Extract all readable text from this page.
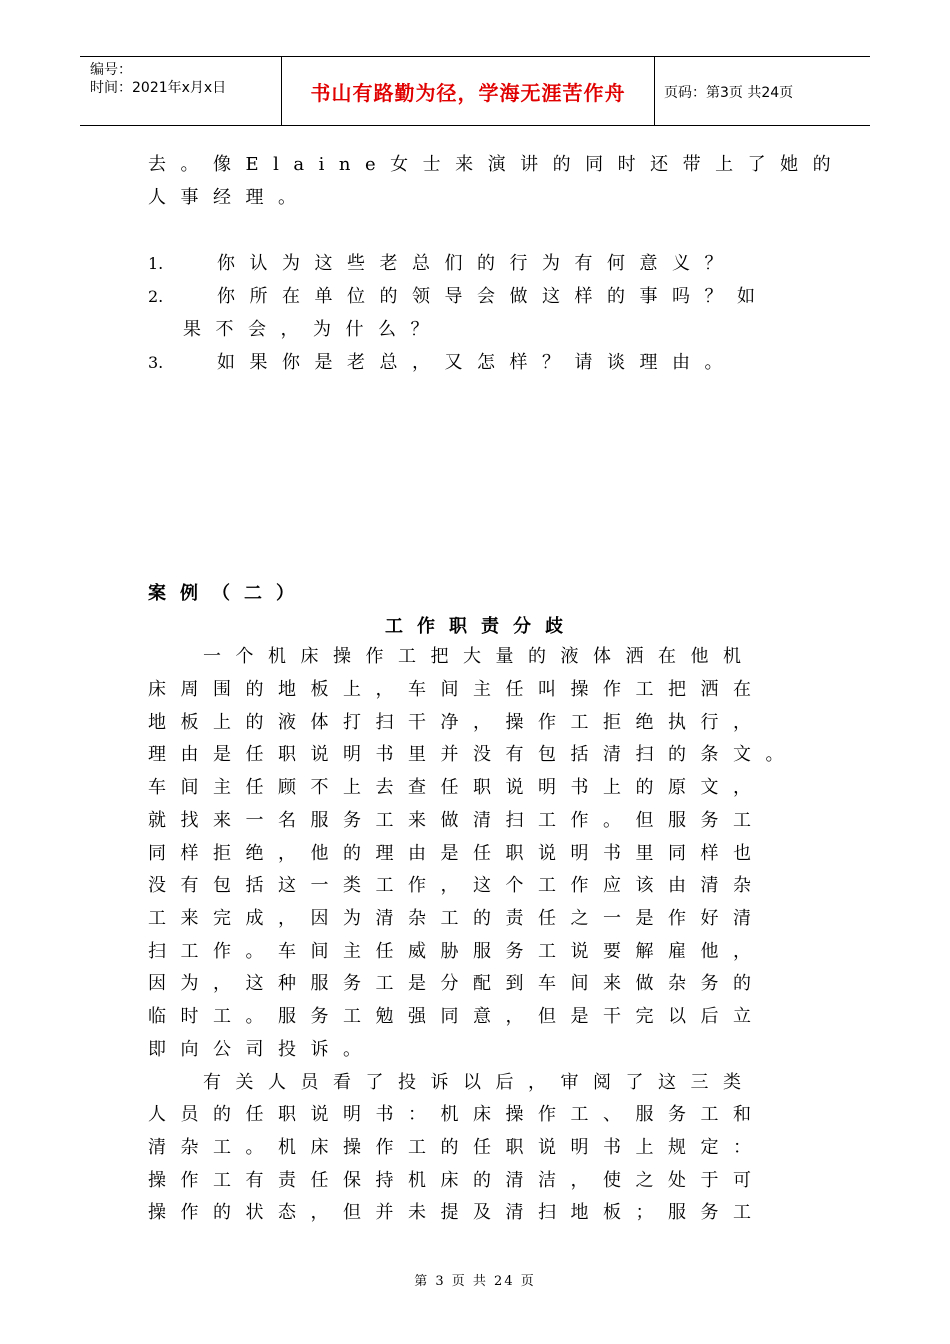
编号：
时间：2021年x月x日	书山有路勤为径，学海无涯苦作舟	页码：第3页 共24页
去。像Elaine女士来演讲的同时还带上了她的
人事经理。
1.	你认为这些老总们的行为有何意义？
2.	你所在单位的领导会做这样的事吗？如
果不会，为什么？
3.	如果你是老总，又怎样？请谈理由。
案例（二）
工作职责分歧
一个机床操作工把大量的液体洒在他机
床周围的地板上，车间主任叫操作工把洒在
地板上的液体打扫干净，操作工拒绝执行，
理由是任职说明书里并没有包括清扫的条文。
车间主任顾不上去查任职说明书上的原文，
就找来一名服务工来做清扫工作。但服务工
同样拒绝，他的理由是任职说明书里同样也
没有包括这一类工作，这个工作应该由清杂
工来完成，因为清杂工的责任之一是作好清
扫工作。车间主任威胁服务工说要解雇他，
因为，这种服务工是分配到车间来做杂务的
临时工。服务工勉强同意，但是干完以后立
即向公司投诉。
有关人员看了投诉以后，审阅了这三类
人员的任职说明书：机床操作工、服务工和
清杂工。机床操作工的任职说明书上规定：
操作工有责任保持机床的清洁，使之处于可
操作的状态，但并未提及清扫地板；服务工
第 3 页 共 24 页
